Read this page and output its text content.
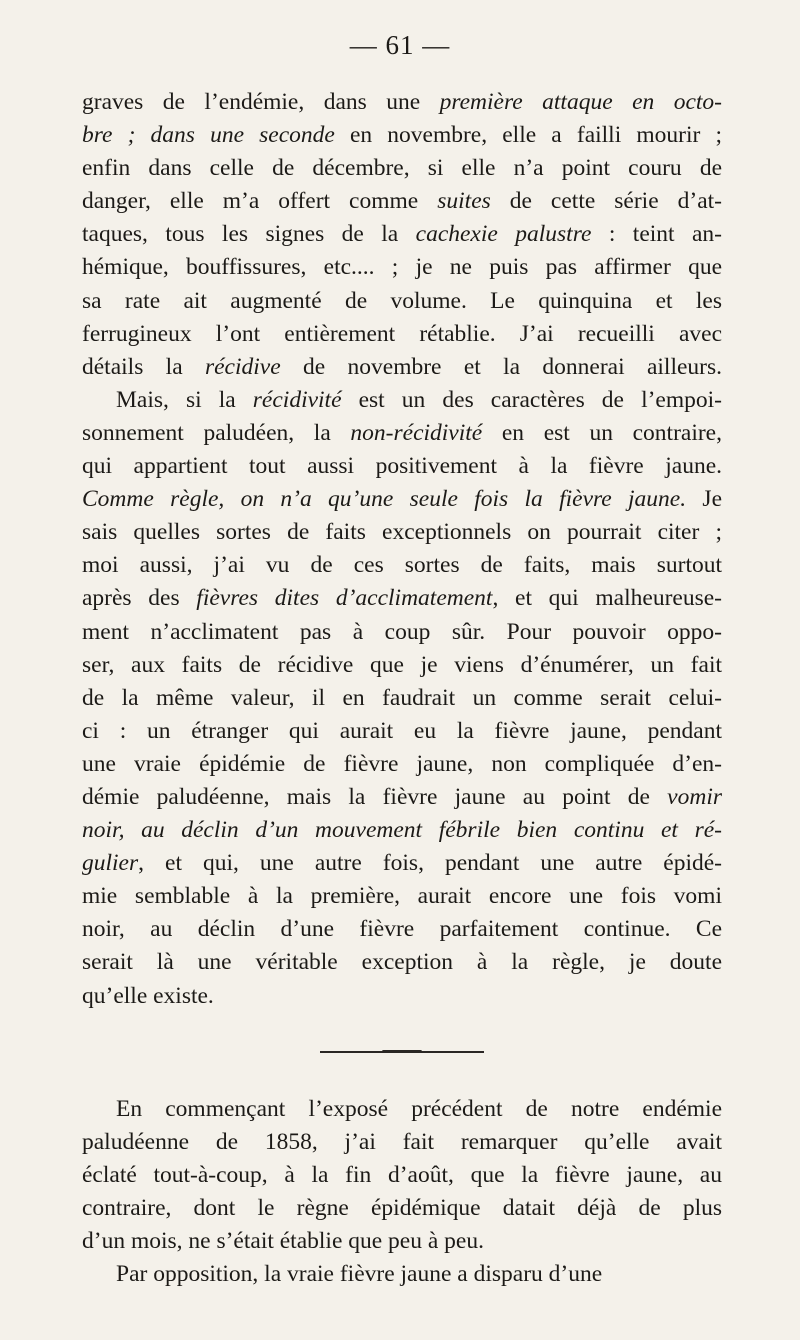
— 61 —
graves de l’endémie, dans une première attaque en octo-
bre ; dans une seconde en novembre, elle a failli mourir ;
enfin dans celle de décembre, si elle n’a point couru de
danger, elle m’a offert comme suites de cette série d’at-
taques, tous les signes de la cachexie palustre : teint an-
hémique, bouffissures, etc.... ; je ne puis pas affirmer que
sa rate ait augmenté de volume. Le quinquina et les
ferrugineux l’ont entièrement rétablie. J’ai recueilli avec
détails la récidive de novembre et la donnerai ailleurs.
Mais, si la récidivité est un des caractères de l’empoi-
sonnement paludéen, la non-récidivité en est un contraire,
qui appartient tout aussi positivement à la fièvre jaune.
Comme règle, on n’a qu’une seule fois la fièvre jaune. Je
sais quelles sortes de faits exceptionnels on pourrait citer ;
moi aussi, j’ai vu de ces sortes de faits, mais surtout
après des fièvres dites d’acclimatement, et qui malheureuse-
ment n’acclimatent pas à coup sûr. Pour pouvoir oppo-
ser, aux faits de récidive que je viens d’énumérer, un fait
de la même valeur, il en faudrait un comme serait celui-
ci : un étranger qui aurait eu la fièvre jaune, pendant
une vraie épidémie de fièvre jaune, non compliquée d’en-
démie paludéenne, mais la fièvre jaune au point de vomir
noir, au déclin d’un mouvement fébrile bien continu et ré-
gulier, et qui, une autre fois, pendant une autre épidé-
mie semblable à la première, aurait encore une fois vomi
noir, au déclin d’une fièvre parfaitement continue. Ce
serait là une véritable exception à la règle, je doute
qu’elle existe.
En commençant l’exposé précédent de notre endémie
paludéenne de 1858, j’ai fait remarquer qu’elle avait
éclaté tout-à-coup, à la fin d’août, que la fièvre jaune, au
contraire, dont le règne épidémique datait déjà de plus
d’un mois, ne s’était établie que peu à peu.
Par opposition, la vraie fièvre jaune a disparu d’une
